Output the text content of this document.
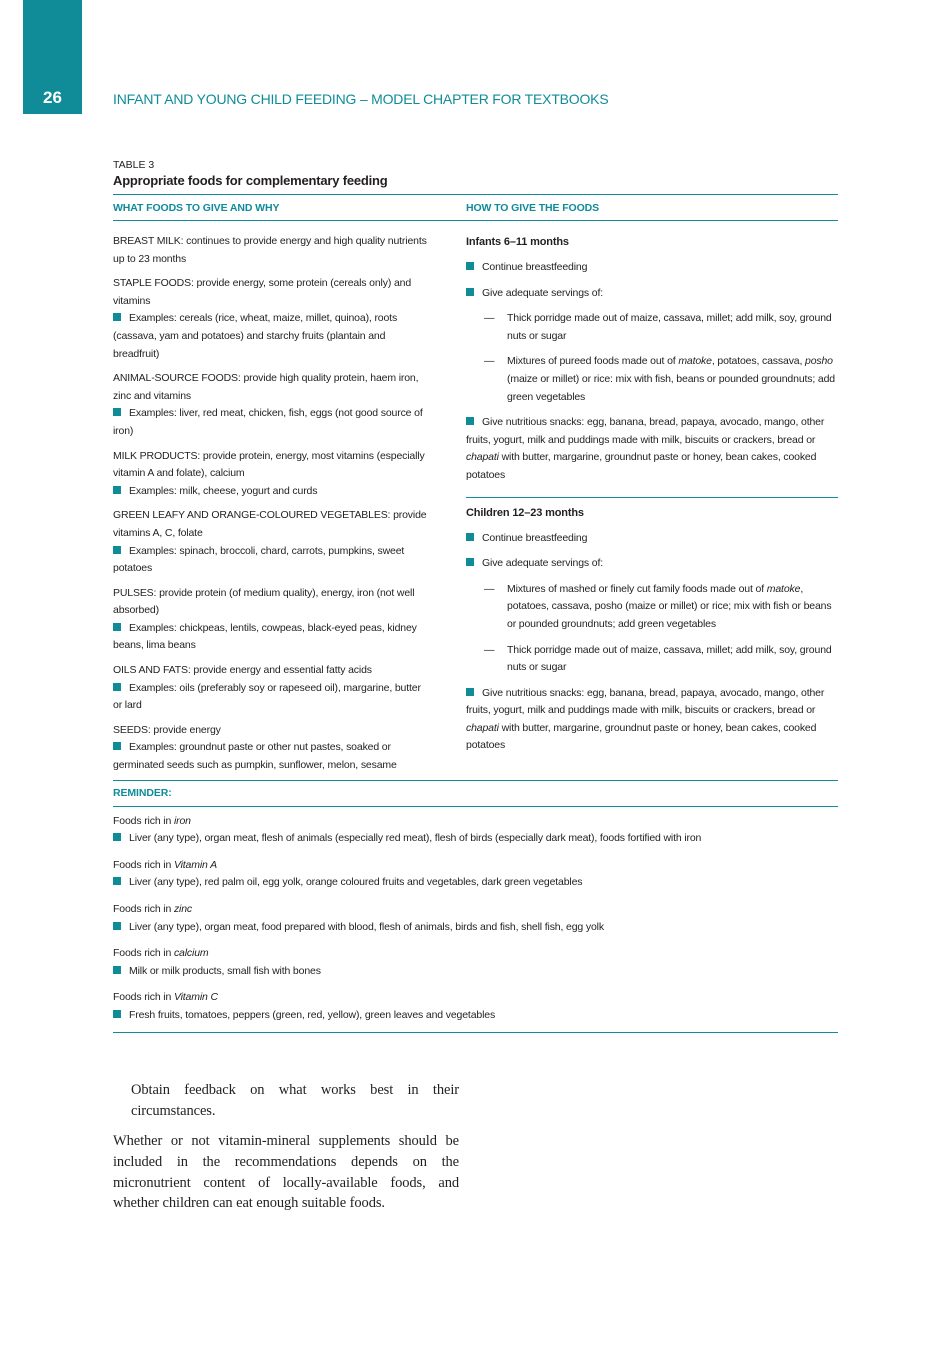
26	INFANT AND YOUNG CHILD FEEDING – MODEL CHAPTER FOR TEXTBOOKS
TABLE 3
Appropriate foods for complementary feeding
WHAT FOODS TO GIVE AND WHY	HOW TO GIVE THE FOODS
BREAST MILK: continues to provide energy and high quality nutrients up to 23 months
STAPLE FOODS: provide energy, some protein (cereals only) and vitamins
Examples: cereals (rice, wheat, maize, millet, quinoa), roots (cassava, yam and potatoes) and starchy fruits (plantain and breadfruit)
ANIMAL-SOURCE FOODS: provide high quality protein, haem iron, zinc and vitamins
Examples: liver, red meat, chicken, fish, eggs (not good source of iron)
MILK PRODUCTS: provide protein, energy, most vitamins (especially vitamin A and folate), calcium
Examples: milk, cheese, yogurt and curds
GREEN LEAFY AND ORANGE-COLOURED VEGETABLES: provide vitamins A, C, folate
Examples: spinach, broccoli, chard, carrots, pumpkins, sweet potatoes
PULSES: provide protein (of medium quality), energy, iron (not well absorbed)
Examples: chickpeas, lentils, cowpeas, black-eyed peas, kidney beans, lima beans
OILS AND FATS: provide energy and essential fatty acids
Examples: oils (preferably soy or rapeseed oil), margarine, butter or lard
SEEDS: provide energy
Examples: groundnut paste or other nut pastes, soaked or germinated seeds such as pumpkin, sunflower, melon, sesame
Infants 6–11 months
Continue breastfeeding
Give adequate servings of:
— Thick porridge made out of maize, cassava, millet; add milk, soy, ground nuts or sugar
— Mixtures of pureed foods made out of matoke, potatoes, cassava, posho (maize or millet) or rice: mix with fish, beans or pounded groundnuts; add green vegetables
Give nutritious snacks: egg, banana, bread, papaya, avocado, mango, other fruits, yogurt, milk and puddings made with milk, biscuits or crackers, bread or chapati with butter, margarine, groundnut paste or honey, bean cakes, cooked potatoes
Children 12–23 months
Continue breastfeeding
Give adequate servings of:
— Mixtures of mashed or finely cut family foods made out of matoke, potatoes, cassava, posho (maize or millet) or rice; mix with fish or beans or pounded groundnuts; add green vegetables
— Thick porridge made out of maize, cassava, millet; add milk, soy, ground nuts or sugar
Give nutritious snacks: egg, banana, bread, papaya, avocado, mango, other fruits, yogurt, milk and puddings made with milk, biscuits or crackers, bread or chapati with butter, margarine, groundnut paste or honey, bean cakes, cooked potatoes
REMINDER:
Foods rich in iron
Liver (any type), organ meat, flesh of animals (especially red meat), flesh of birds (especially dark meat), foods fortified with iron
Foods rich in Vitamin A
Liver (any type), red palm oil, egg yolk, orange coloured fruits and vegetables, dark green vegetables
Foods rich in zinc
Liver (any type), organ meat, food prepared with blood, flesh of animals, birds and fish, shell fish, egg yolk
Foods rich in calcium
Milk or milk products, small fish with bones
Foods rich in Vitamin C
Fresh fruits, tomatoes, peppers (green, red, yellow), green leaves and vegetables
Obtain feedback on what works best in their circumstances.
Whether or not vitamin-mineral supplements should be included in the recommendations depends on the micronutrient content of locally-available foods, and whether children can eat enough suitable foods.
